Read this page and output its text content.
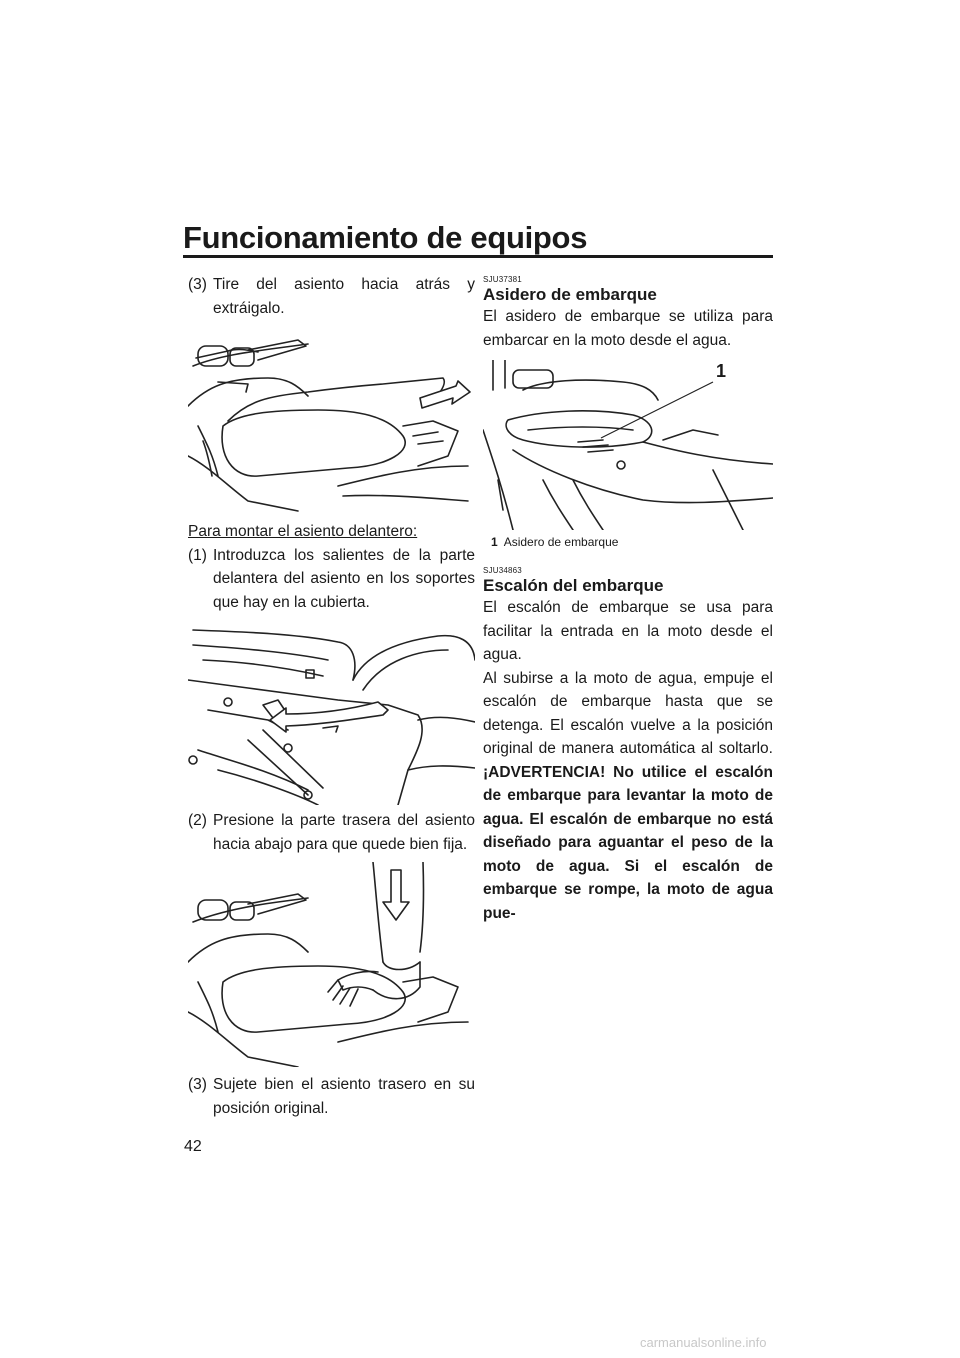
Funcionamiento de equipos
(3) Tire del asiento hacia atrás y extráigalo.

Para montar el asiento delantero:

(1) Introduzca los salientes de la parte delantera del asiento en los soportes que hay en la cubierta.
(2) Presione la parte trasera del asiento hacia abajo para que quede bien fija.
(3) Sujete bien el asiento trasero en su posición original.

SJU37381

Asidero de embarque

El asidero de embarque se utiliza para embarcar en la moto desde el agua.

1

1 Asidero de embarque

SJU34863

Escalón del embarque

El escalón de embarque se usa para facilitar la entrada en la moto desde el agua.

Al subirse a la moto de agua, empuje el escalón de embarque hasta que se detenga. El escalón vuelve a la posición original de manera automática al soltarlo. ¡ADVERTENCIA! No utilice el escalón de embarque para levantar la moto de agua. El escalón de embarque no está diseñado para aguantar el peso de la moto de agua. Si el escalón de embarque se rompe, la moto de agua pue-

42
carmanualsonline.info
